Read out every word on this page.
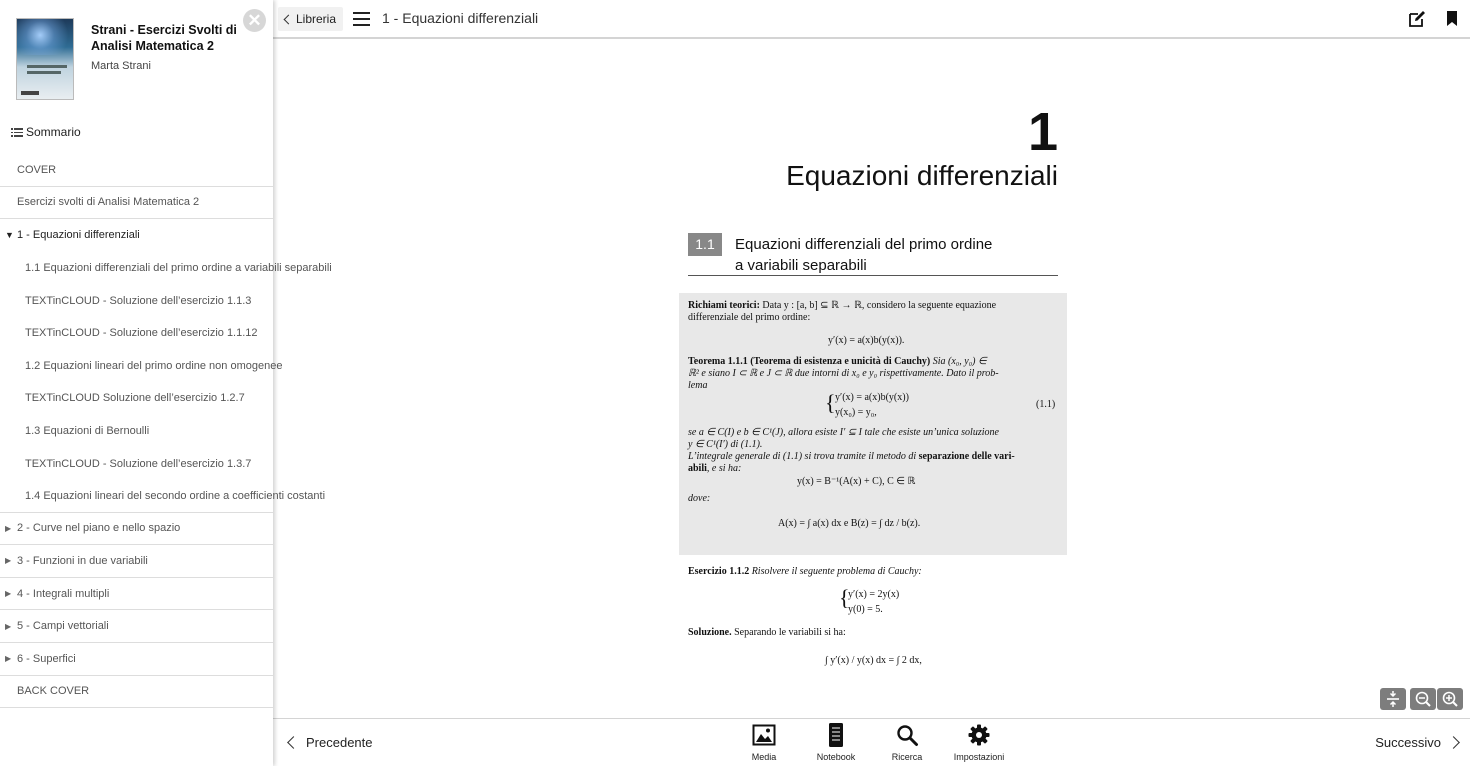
Strani - Esercizi Svolti di Analisi Matematica 2
Marta Strani
✕
Sommario
COVER
Esercizi svolti di Analisi Matematica 2
▼ 1 - Equazioni differenziali
1.1 Equazioni differenziali del primo ordine a variabili separabili
TEXTinCLOUD - Soluzione dell’esercizio 1.1.3
TEXTinCLOUD - Soluzione dell’esercizio 1.1.12
1.2 Equazioni lineari del primo ordine non omogenee
TEXTinCLOUD Soluzione dell’esercizio 1.2.7
1.3 Equazioni di Bernoulli
TEXTinCLOUD - Soluzione dell’esercizio 1.3.7
1.4 Equazioni lineari del secondo ordine a coefficienti costanti
▶ 2 - Curve nel piano e nello spazio
▶ 3 - Funzioni in due variabili
▶ 4 - Integrali multipli
▶ 5 - Campi vettoriali
▶ 6 - Superfici
BACK COVER
Libreria	1 - Equazioni differenziali
1
Equazioni differenziali
1.1	Equazioni differenziali del primo ordine
a variabili separabili
Richiami teorici: Data y : [a, b] ⊆ ℝ → ℝ, considero la seguente equazione
differenziale del primo ordine:
y′(x) = a(x)b(y(x)).
Teorema 1.1.1 (Teorema di esistenza e unicità di Cauchy) Sia (x₀, y₀) ∈
ℝ² e siano I ⊂ ℝ e J ⊂ ℝ due intorni di x₀ e y₀ rispettivamente. Dato il prob-
lema
{ y′(x) = a(x)b(y(x))
y(x₀) = y₀,
(1.1)
se a ∈ C(I) e b ∈ C¹(J), allora esiste I′ ⊆ I tale che esiste un’unica soluzione
y ∈ C¹(I′) di (1.1).
L’integrale generale di (1.1) si trova tramite il metodo di separazione delle vari-
abili, e si ha:
y(x) = B⁻¹(A(x) + C), C ∈ ℝ
dove:
A(x) = ∫ a(x) dx e B(z) = ∫ dz / b(z).
Esercizio 1.1.2 Risolvere il seguente problema di Cauchy:
{
y′(x) = 2y(x)
y(0) = 5.
Soluzione. Separando le variabili si ha:
∫ y′(x) / y(x) dx = ∫ 2 dx,
Precedente
Media	Notebook	Ricerca	Impostazioni
Successivo
